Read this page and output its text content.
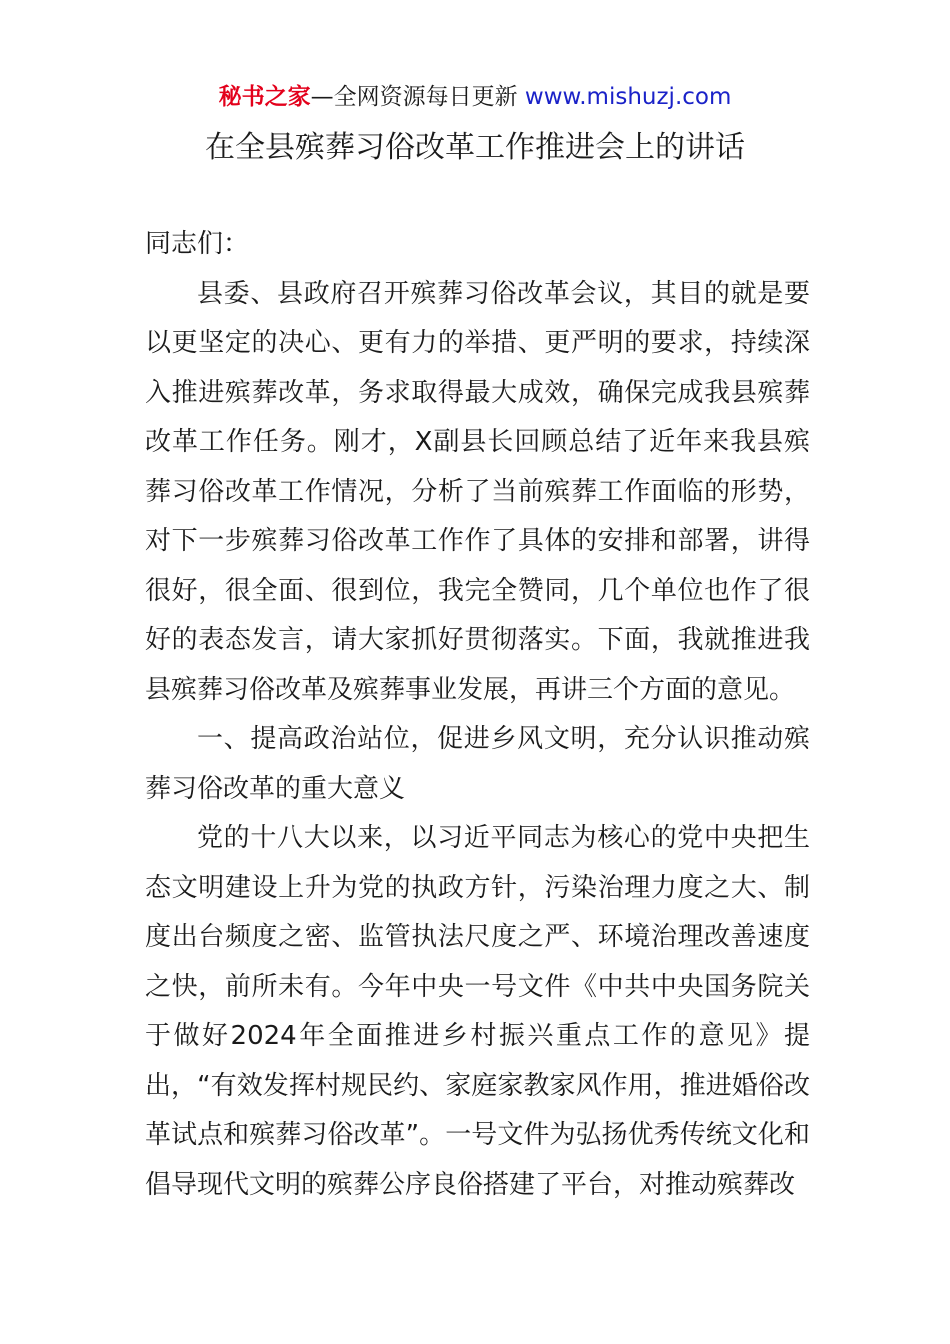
秘书之家—全网资源每日更新 www.mishuzj.com
在全县殡葬习俗改革工作推进会上的讲话

同志们：

县委、县政府召开殡葬习俗改革会议，其目的就是要以更坚定的决心、更有力的举措、更严明的要求，持续深入推进殡葬改革，务求取得最大成效，确保完成我县殡葬改革工作任务。刚才，X副县长回顾总结了近年来我县殡葬习俗改革工作情况，分析了当前殡葬工作面临的形势，对下一步殡葬习俗改革工作作了具体的安排和部署，讲得很好，很全面、很到位，我完全赞同，几个单位也作了很好的表态发言，请大家抓好贯彻落实。下面，我就推进我县殡葬习俗改革及殡葬事业发展，再讲三个方面的意见。

一、提高政治站位，促进乡风文明，充分认识推动殡葬习俗改革的重大意义

党的十八大以来，以习近平同志为核心的党中央把生态文明建设上升为党的执政方针，污染治理力度之大、制度出台频度之密、监管执法尺度之严、环境治理改善速度之快，前所未有。今年中央一号文件《中共中央国务院关于做好2024年全面推进乡村振兴重点工作的意见》提出，“有效发挥村规民约、家庭家教家风作用，推进婚俗改革试点和殡葬习俗改革”。一号文件为弘扬优秀传统文化和倡导现代文明的殡葬公序良俗搭建了平台，对推动殡葬改
